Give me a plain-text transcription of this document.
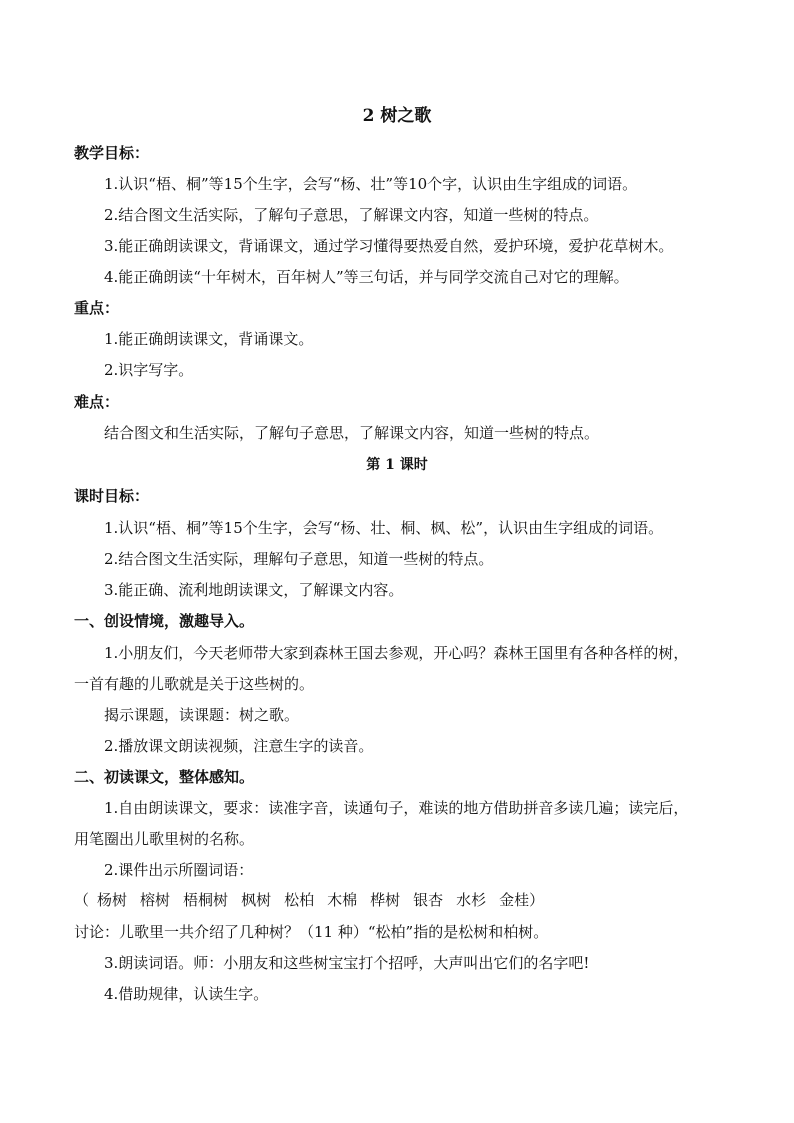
2 树之歌
教学目标：
1.认识“梧、桐”等15个生字，会写“杨、壮”等10个字，认识由生字组成的词语。
2.结合图文生活实际，了解句子意思，了解课文内容，知道一些树的特点。
3.能正确朗读课文，背诵课文，通过学习懂得要热爱自然，爱护环境，爱护花草树木。
4.能正确朗读“十年树木，百年树人”等三句话，并与同学交流自己对它的理解。
重点：
1.能正确朗读课文，背诵课文。
2.识字写字。
难点：
结合图文和生活实际，了解句子意思，了解课文内容，知道一些树的特点。
第 1 课时
课时目标：
1.认识“梧、桐”等15个生字，会写“杨、壮、桐、枫、松”，认识由生字组成的词语。
2.结合图文生活实际，理解句子意思，知道一些树的特点。
3.能正确、流利地朗读课文，了解课文内容。
一、创设情境，激趣导入。
1.小朋友们，今天老师带大家到森林王国去参观，开心吗？森林王国里有各种各样的树，
一首有趣的儿歌就是关于这些树的。
揭示课题，读课题：树之歌。
2.播放课文朗读视频，注意生字的读音。
二、初读课文，整体感知。
1.自由朗读课文，要求：读准字音，读通句子，难读的地方借助拼音多读几遍；读完后，
用笔圈出儿歌里树的名称。
2.课件出示所圈词语：
（ 杨树 榕树 梧桐树 枫树 松柏 木棉 桦树 银杏 水杉 金桂）
讨论：儿歌里一共介绍了几种树？（11 种）“松柏”指的是松树和柏树。
3.朗读词语。师：小朋友和这些树宝宝打个招呼，大声叫出它们的名字吧!
4.借助规律，认读生字。
